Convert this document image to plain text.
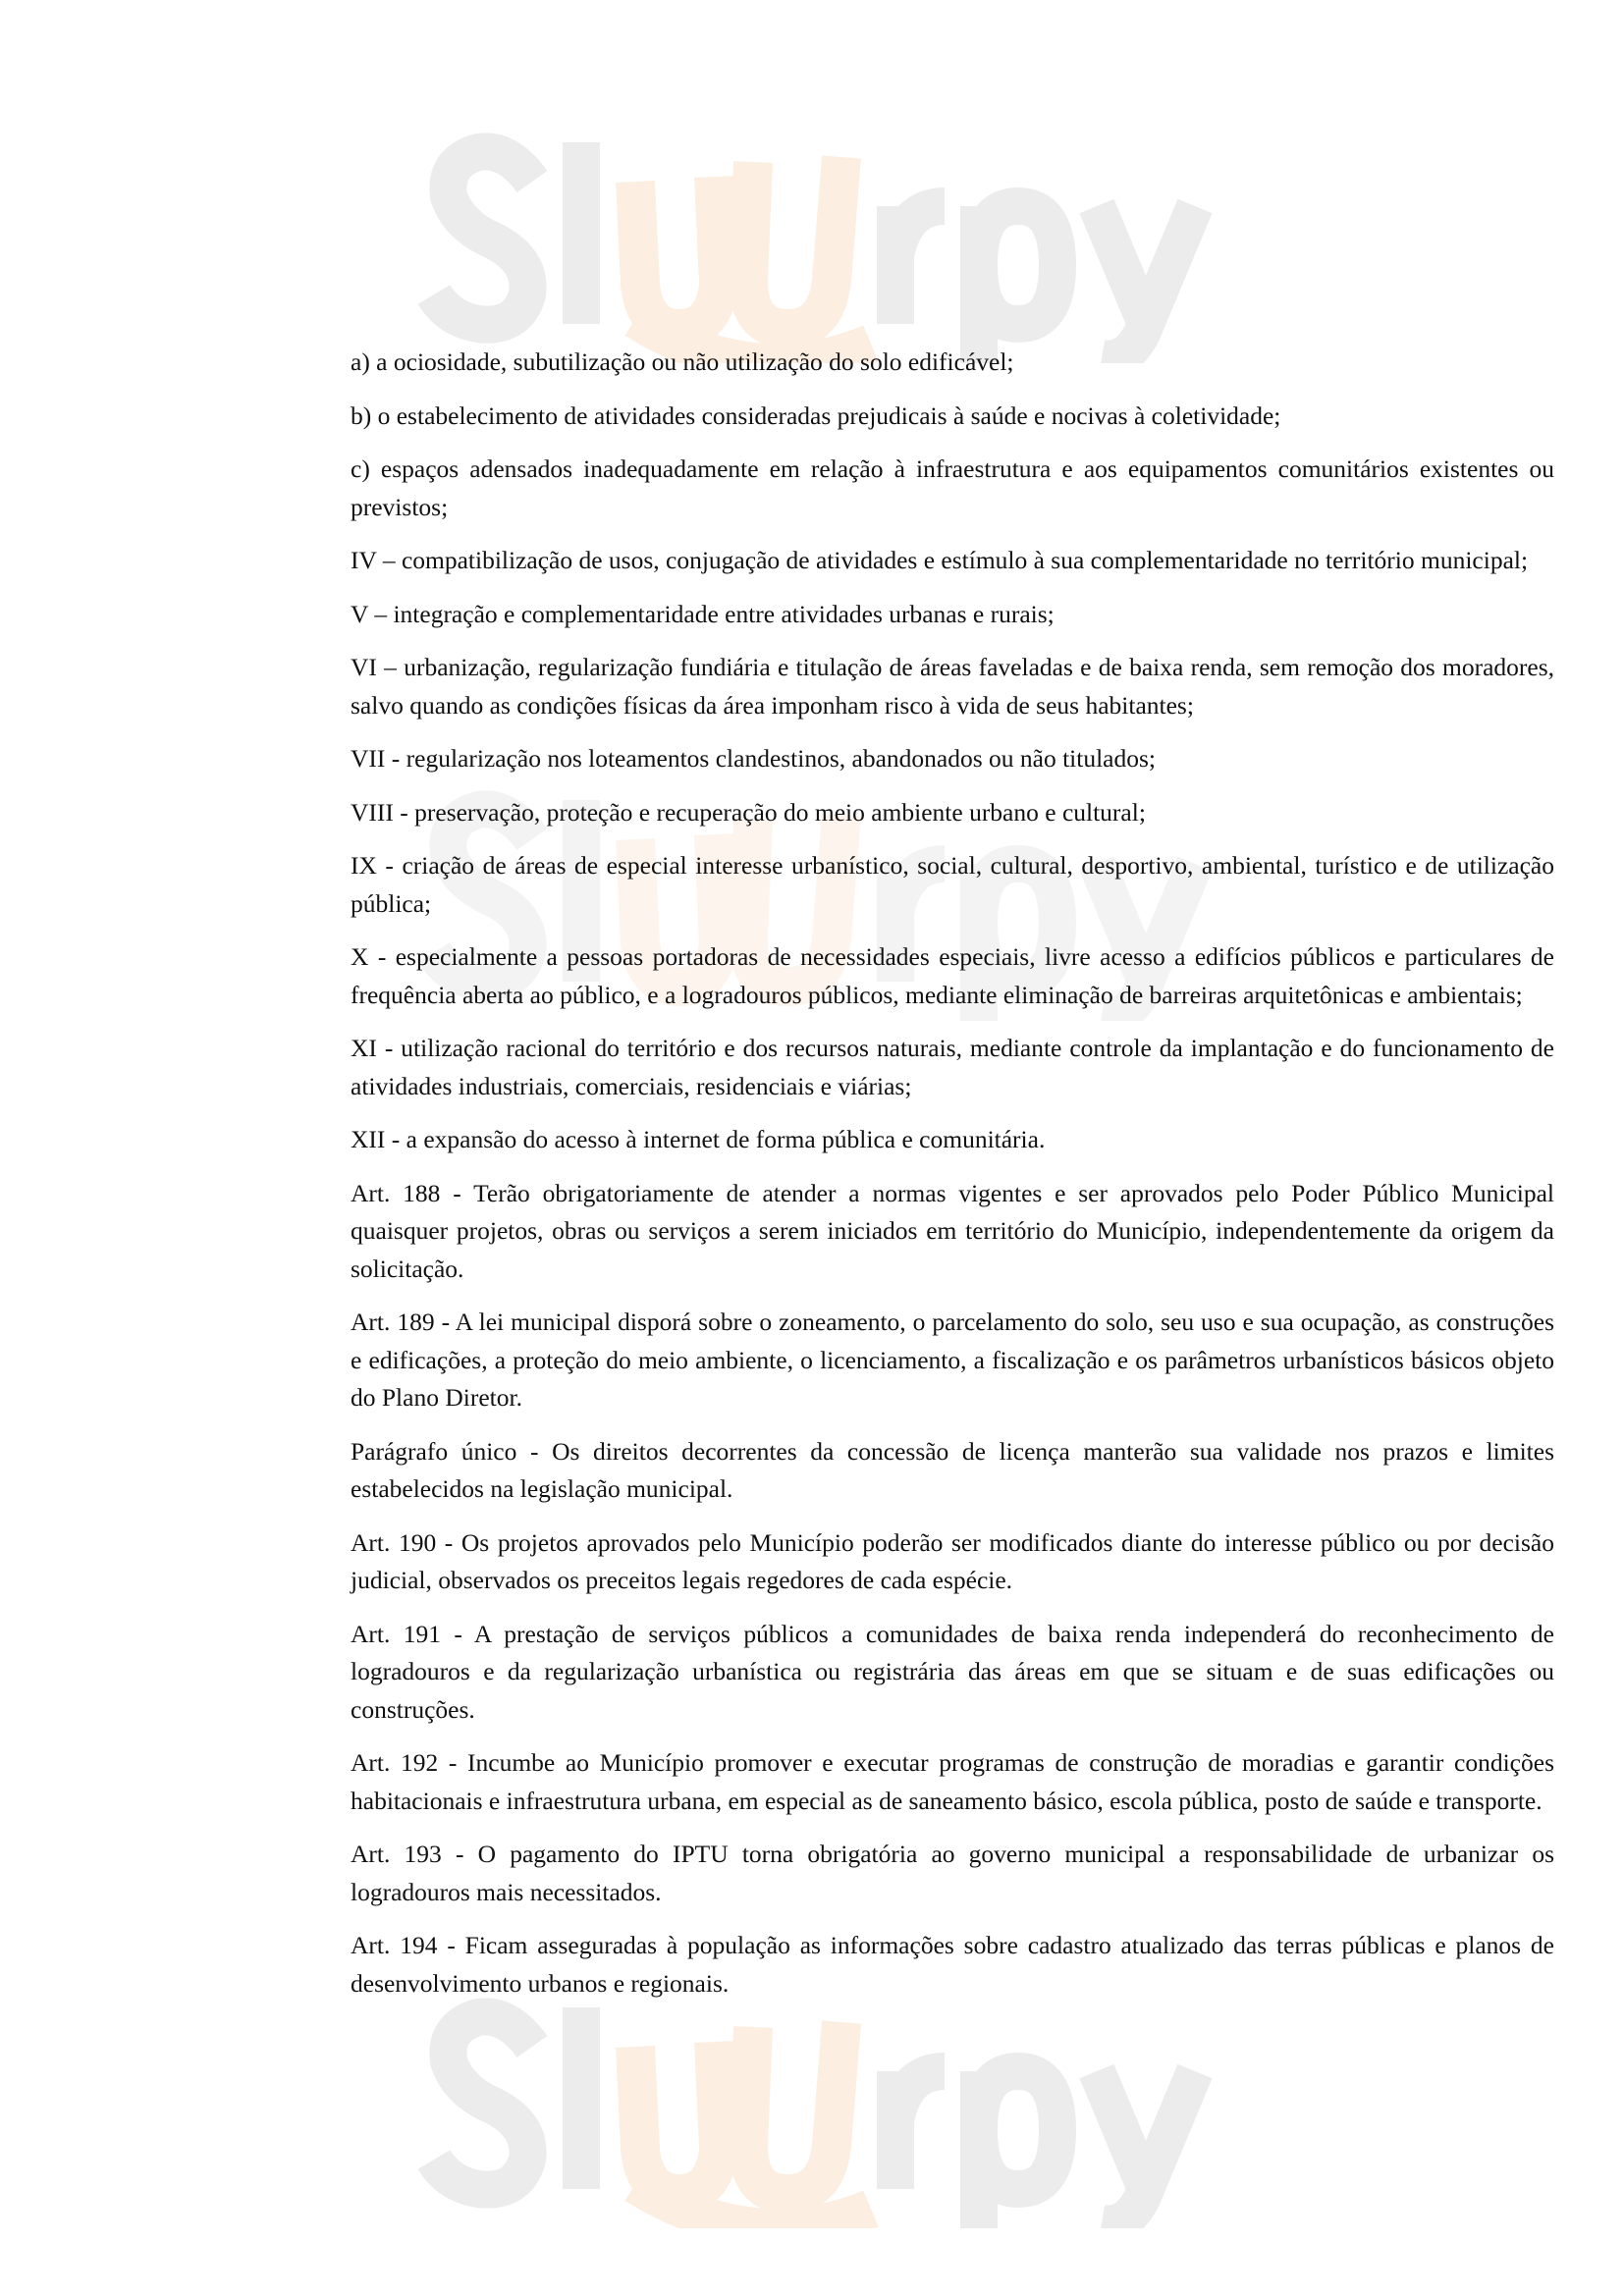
a) a ociosidade, subutilização ou não utilização do solo edificável;

b) o estabelecimento de atividades consideradas prejudicais à saúde e nocivas à coletividade;

c) espaços adensados inadequadamente em relação à infraestrutura e aos equipamentos comunitários existentes ou previstos;

IV – compatibilização de usos, conjugação de atividades e estímulo à sua complementaridade no território municipal;

V – integração e complementaridade entre atividades urbanas e rurais;

VI – urbanização, regularização fundiária e titulação de áreas faveladas e de baixa renda, sem remoção dos moradores, salvo quando as condições físicas da área imponham risco à vida de seus habitantes;

VII - regularização nos loteamentos clandestinos, abandonados ou não titulados;

VIII - preservação, proteção e recuperação do meio ambiente urbano e cultural;

IX - criação de áreas de especial interesse urbanístico, social, cultural, desportivo, ambiental, turístico e de utilização pública;

X - especialmente a pessoas portadoras de necessidades especiais, livre acesso a edifícios públicos e particulares de frequência aberta ao público, e a logradouros públicos, mediante eliminação de barreiras arquitetônicas e ambientais;

XI - utilização racional do território e dos recursos naturais, mediante controle da implantação e do funcionamento de atividades industriais, comerciais, residenciais e viárias;

XII - a expansão do acesso à internet de forma pública e comunitária.

Art. 188 - Terão obrigatoriamente de atender a normas vigentes e ser aprovados pelo Poder Público Municipal quaisquer projetos, obras ou serviços a serem iniciados em território do Município, independentemente da origem da solicitação.

Art. 189 - A lei municipal disporá sobre o zoneamento, o parcelamento do solo, seu uso e sua ocupação, as construções e edificações, a proteção do meio ambiente, o licenciamento, a fiscalização e os parâmetros urbanísticos básicos objeto do Plano Diretor.

Parágrafo único - Os direitos decorrentes da concessão de licença manterão sua validade nos prazos e limites estabelecidos na legislação municipal.

Art. 190 - Os projetos aprovados pelo Município poderão ser modificados diante do interesse público ou por decisão judicial, observados os preceitos legais regedores de cada espécie.

Art. 191 - A prestação de serviços públicos a comunidades de baixa renda independerá do reconhecimento de logradouros e da regularização urbanística ou registrária das áreas em que se situam e de suas edificações ou construções.

Art. 192 - Incumbe ao Município promover e executar programas de construção de moradias e garantir condições habitacionais e infraestrutura urbana, em especial as de saneamento básico, escola pública, posto de saúde e transporte.

Art. 193 - O pagamento do IPTU torna obrigatória ao governo municipal a responsabilidade de urbanizar os logradouros mais necessitados.

Art. 194 - Ficam asseguradas à população as informações sobre cadastro atualizado das terras públicas e planos de desenvolvimento urbanos e regionais.
